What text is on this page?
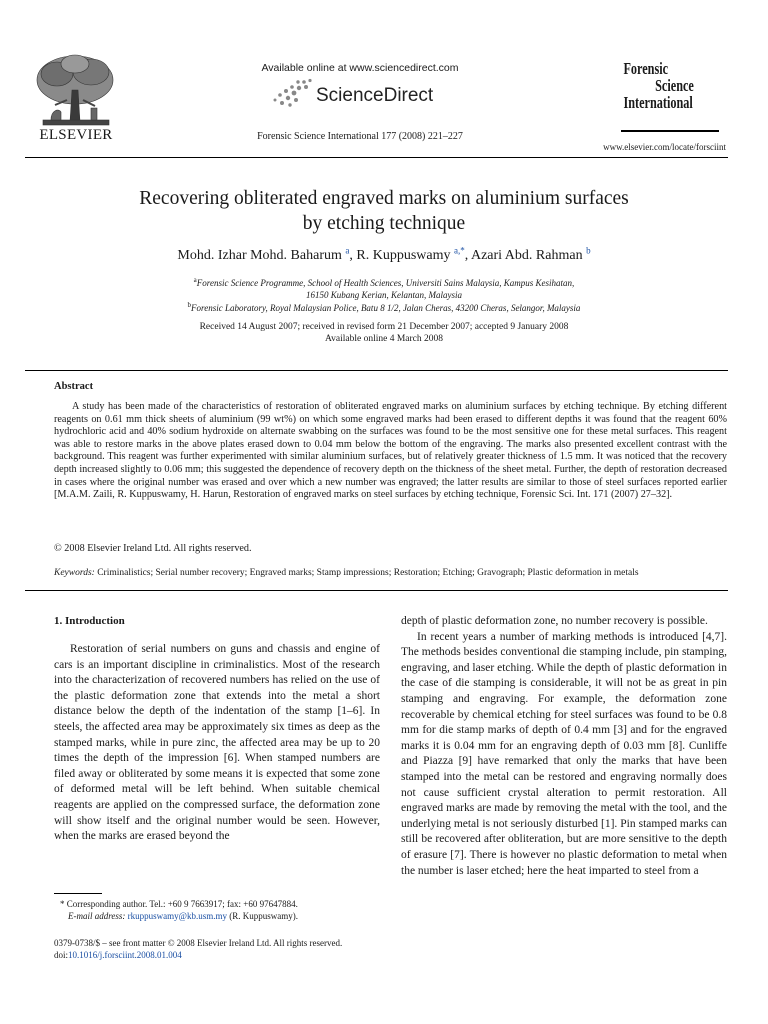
ELSEVIER
Available online at www.sciencedirect.com
ScienceDirect
Forensic Science International 177 (2008) 221–227
Forensic
Science
International
www.elsevier.com/locate/forsciint
Recovering obliterated engraved marks on aluminium surfaces
by etching technique
Mohd. Izhar Mohd. Baharum $^a$, R. Kuppuswamy $^{a,*}$, Azari Abd. Rahman $^b$
$^a$Forensic Science Programme, School of Health Sciences, Universiti Sains Malaysia, Kampus Kesihatan,
16150 Kubang Kerian, Kelantan, Malaysia
$^b$Forensic Laboratory, Royal Malaysian Police, Batu 8 1/2, Jalan Cheras, 43200 Cheras, Selangor, Malaysia
Received 14 August 2007; received in revised form 21 December 2007; accepted 9 January 2008
Available online 4 March 2008
Abstract
A study has been made of the characteristics of restoration of obliterated engraved marks on aluminium surfaces by etching technique. By etching different reagents on 0.61 mm thick sheets of aluminium (99 wt%) on which some engraved marks had been erased to different depths it was found that the reagent 60% hydrochloric acid and 40% sodium hydroxide on alternate swabbing on the surfaces was found to be the most sensitive one for these metal surfaces. This reagent was able to restore marks in the above plates erased down to 0.04 mm below the bottom of the engraving. The marks also presented excellent contrast with the background. This reagent was further experimented with similar aluminium surfaces, but of relatively greater thickness of 1.5 mm. It was noticed that the recovery depth increased slightly to 0.06 mm; this suggested the dependence of recovery depth on the thickness of the sheet metal. Further, the depth of restoration decreased in cases where the original number was erased and over which a new number was engraved; the latter results are similar to those of steel surfaces reported earlier [M.A.M. Zaili, R. Kuppuswamy, H. Harun, Restoration of engraved marks on steel surfaces by etching technique, Forensic Sci. Int. 171 (2007) 27–32].
© 2008 Elsevier Ireland Ltd. All rights reserved.
Keywords: Criminalistics; Serial number recovery; Engraved marks; Stamp impressions; Restoration; Etching; Gravograph; Plastic deformation in metals
1. Introduction

Restoration of serial numbers on guns and chassis and engine of cars is an important discipline in criminalistics. Most of the research into the characterization of recovered numbers has relied on the use of the plastic deformation zone that extends into the metal a short distance below the depth of the indentation of the stamp [1–6]. In steels, the affected area may be approximately six times as deep as the stamped marks, while in pure zinc, the affected area may be up to 20 times the depth of the impression [6]. When stamped numbers are filed away or obliterated by some means it is expected that some zone of deformed metal will be left behind. When suitable chemical reagents are applied on the compressed surface, the deformation zone will show itself and the original number would be seen. However, when the marks are erased beyond the

depth of plastic deformation zone, no number recovery is possible.

In recent years a number of marking methods is introduced [4,7]. The methods besides conventional die stamping include, pin stamping, engraving, and laser etching. While the depth of plastic deformation in the case of die stamping is considerable, it will not be as great in pin stamping and engraving. For example, the deformation zone recoverable by chemical etching for steel surfaces was found to be 0.8 mm for die stamp marks of depth of 0.4 mm [3] and for the engraved marks it is 0.04 mm for an engraving depth of 0.03 mm [8]. Cunliffe and Piazza [9] have remarked that only the marks that have been stamped into the metal can be restored and engraving normally does not cause sufficient crystal alteration to permit restoration. All engraved marks are made by removing the metal with the tool, and the underlying metal is not seriously disturbed [1]. Pin stamped marks can still be recovered after obliteration, but are more sensitive to the depth of erasure [7]. There is however no plastic deformation to metal when the number is laser etched; here the heat imparted to steel from a

* Corresponding author. Tel.: +60 9 7663917; fax: +60 97647884.
E-mail address: rkuppuswamy@kb.usm.my (R. Kuppuswamy).
0379-0738/$ – see front matter © 2008 Elsevier Ireland Ltd. All rights reserved.
doi:10.1016/j.forsciint.2008.01.004
